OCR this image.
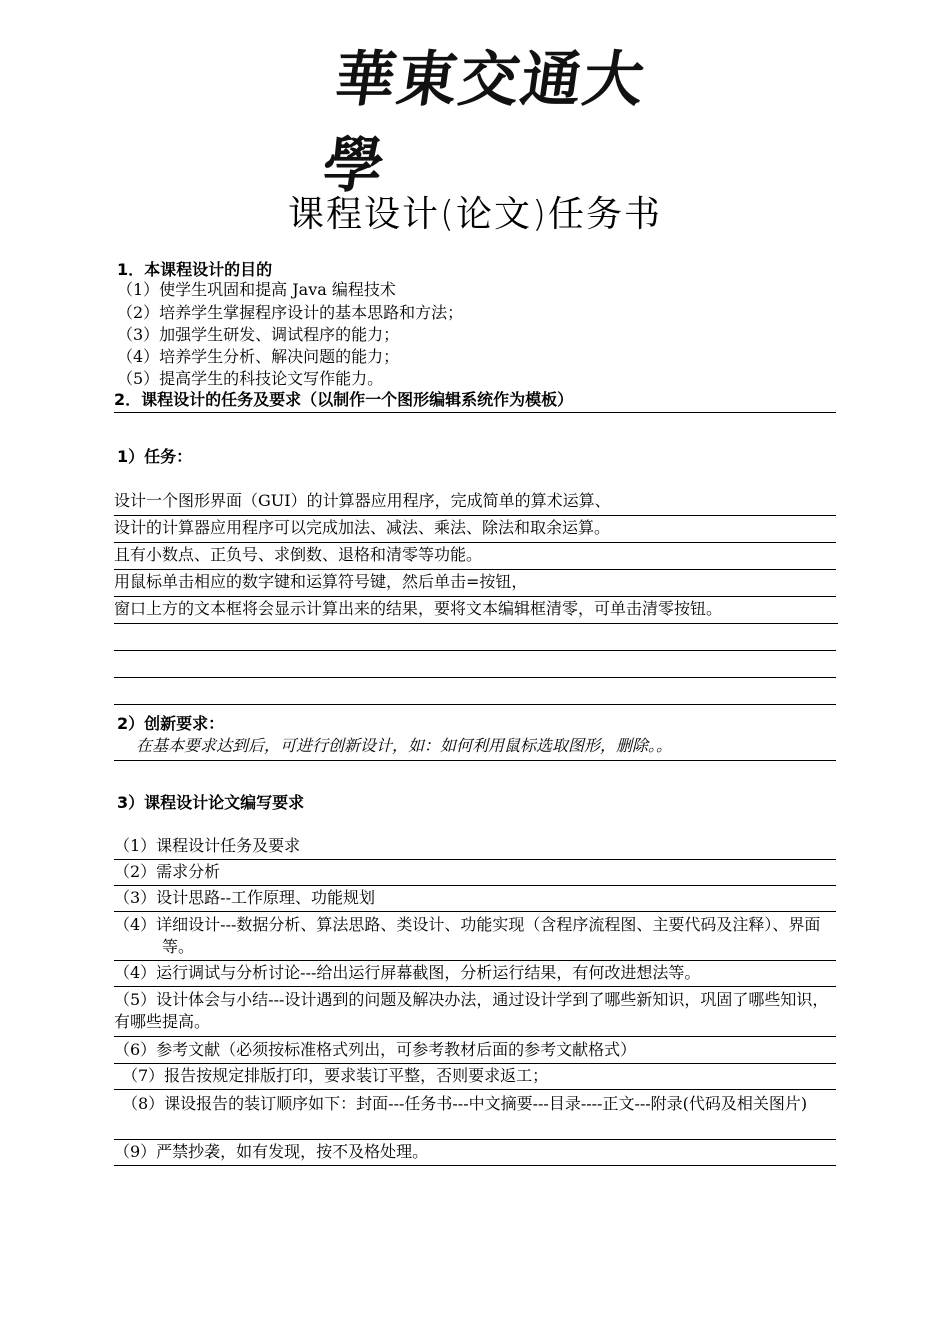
華東交通大學
课程设计(论文)任务书
1．本课程设计的目的
（1）使学生巩固和提高 Java 编程技术
（2）培养学生掌握程序设计的基本思路和方法；
（3）加强学生研发、调试程序的能力；
（4）培养学生分析、解决问题的能力；
（5）提高学生的科技论文写作能力。
2．课程设计的任务及要求（以制作一个图形编辑系统作为模板）
1）任务：
设计一个图形界面（GUI）的计算器应用程序，完成简单的算术运算、
设计的计算器应用程序可以完成加法、减法、乘法、除法和取余运算。
且有小数点、正负号、求倒数、退格和清零等功能。
用鼠标单击相应的数字键和运算符号键，然后单击=按钮，
窗口上方的文本框将会显示计算出来的结果，要将文本编辑框清零，可单击清零按钮。
2）创新要求：
在基本要求达到后，可进行创新设计，如：如何利用鼠标选取图形，删除。。
3）课程设计论文编写要求
（1）课程设计任务及要求
（2）需求分析
（3）设计思路--工作原理、功能规划
（4）详细设计---数据分析、算法思路、类设计、功能实现（含程序流程图、主要代码及注释）、界面等。
（4）运行调试与分析讨论---给出运行屏幕截图，分析运行结果，有何改进想法等。
（5）设计体会与小结---设计遇到的问题及解决办法，通过设计学到了哪些新知识，巩固了哪些知识，有哪些提高。
（6）参考文献（必须按标准格式列出，可参考教材后面的参考文献格式）
（7）报告按规定排版打印，要求装订平整，否则要求返工；
（8）课设报告的装订顺序如下：封面---任务书---中文摘要---目录----正文---附录(代码及相关图片)
（9）严禁抄袭，如有发现，按不及格处理。
